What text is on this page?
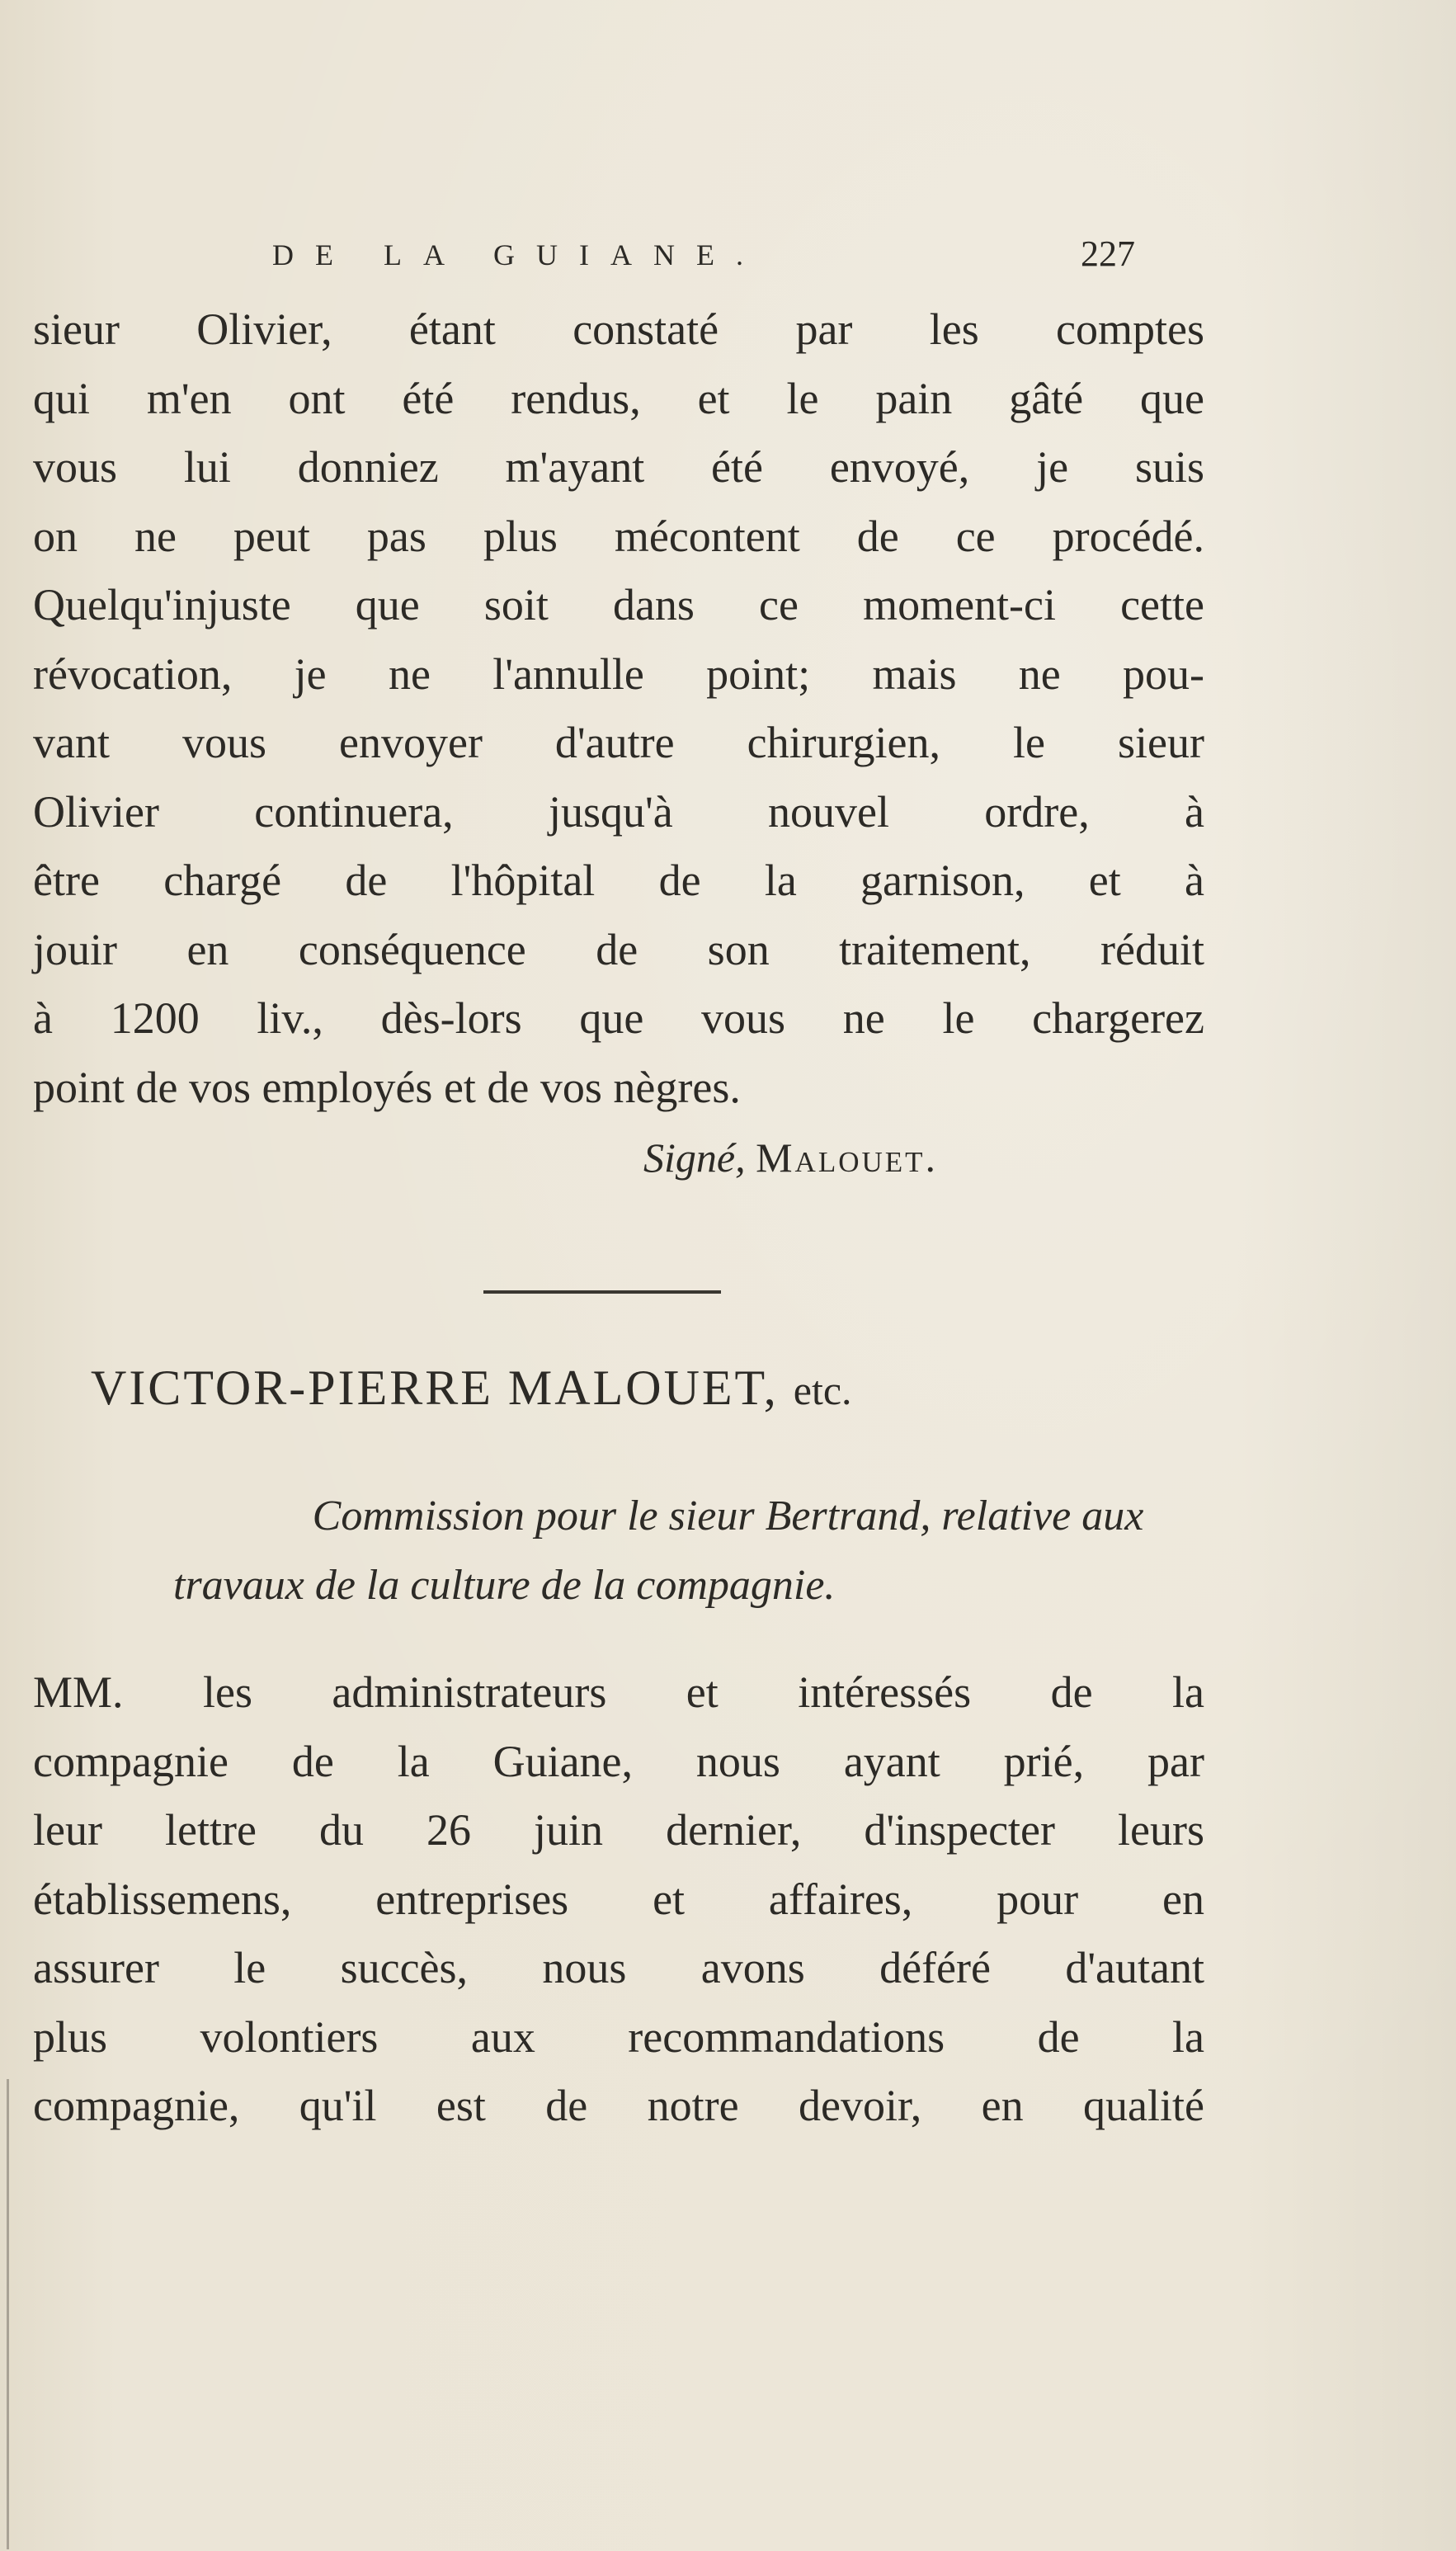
DE LA GUIANE.	227
sieur Olivier, étant constaté par les comptes
qui m'en ont été rendus, et le pain gâté que
vous lui donniez m'ayant été envoyé, je suis
on ne peut pas plus mécontent de ce procédé.
Quelqu'injuste que soit dans ce moment-ci cette
révocation, je ne l'annulle point; mais ne pou-
vant vous envoyer d'autre chirurgien, le sieur
Olivier continuera, jusqu'à nouvel ordre, à
être chargé de l'hôpital de la garnison, et à
jouir en conséquence de son traitement, réduit
à 1200 liv., dès-lors que vous ne le chargerez
point de vos employés et de vos nègres.
Signé, Malouet.
VICTOR-PIERRE MALOUET, etc.
Commission pour le sieur Bertrand, relative aux
travaux de la culture de la compagnie.
MM. les administrateurs et intéressés de la
compagnie de la Guiane, nous ayant prié, par
leur lettre du 26 juin dernier, d'inspecter leurs
établissemens, entreprises et affaires, pour en
assurer le succès, nous avons déféré d'autant
plus volontiers aux recommandations de la
compagnie, qu'il est de notre devoir, en qualité
